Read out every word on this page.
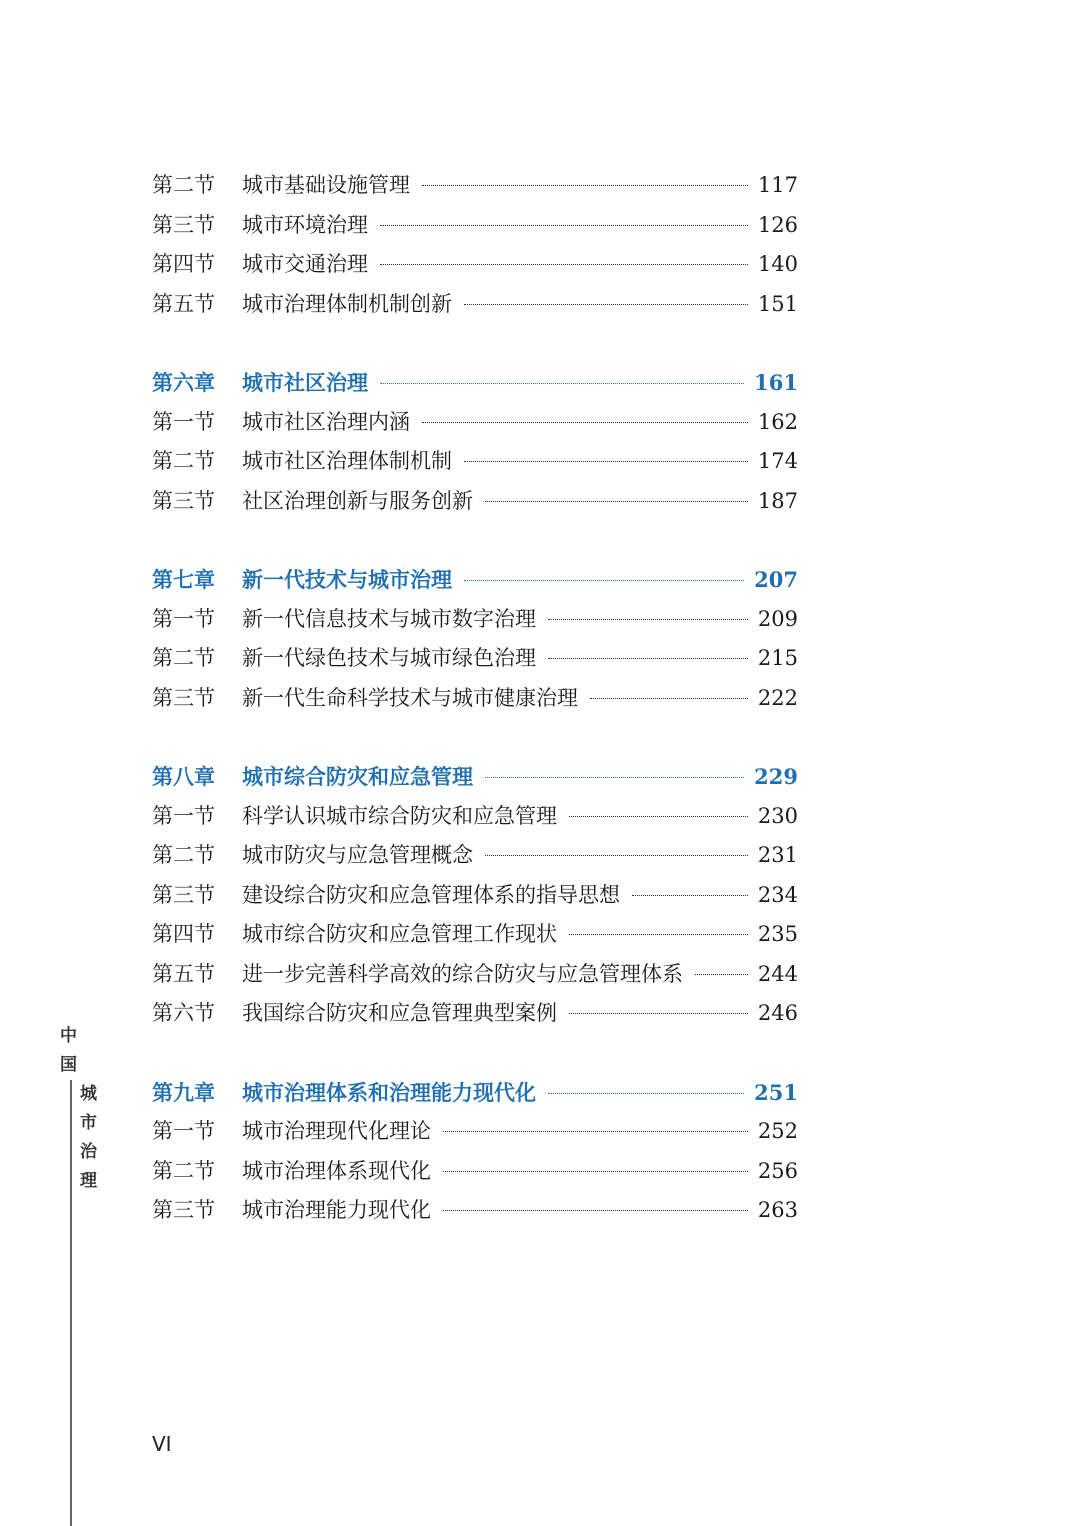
第二节	城市基础设施管理	117
第三节	城市环境治理	126
第四节	城市交通治理	140
第五节	城市治理体制机制创新	151
第六章	城市社区治理	161
第一节	城市社区治理内涵	162
第二节	城市社区治理体制机制	174
第三节	社区治理创新与服务创新	187
第七章	新一代技术与城市治理	207
第一节	新一代信息技术与城市数字治理	209
第二节	新一代绿色技术与城市绿色治理	215
第三节	新一代生命科学技术与城市健康治理	222
第八章	城市综合防灾和应急管理	229
第一节	科学认识城市综合防灾和应急管理	230
第二节	城市防灾与应急管理概念	231
第三节	建设综合防灾和应急管理体系的指导思想	234
第四节	城市综合防灾和应急管理工作现状	235
第五节	进一步完善科学高效的综合防灾与应急管理体系	244
第六节	我国综合防灾和应急管理典型案例	246
第九章	城市治理体系和治理能力现代化	251
第一节	城市治理现代化理论	252
第二节	城市治理体系现代化	256
第三节	城市治理能力现代化	263
中
国
城
市
治
理
VI
